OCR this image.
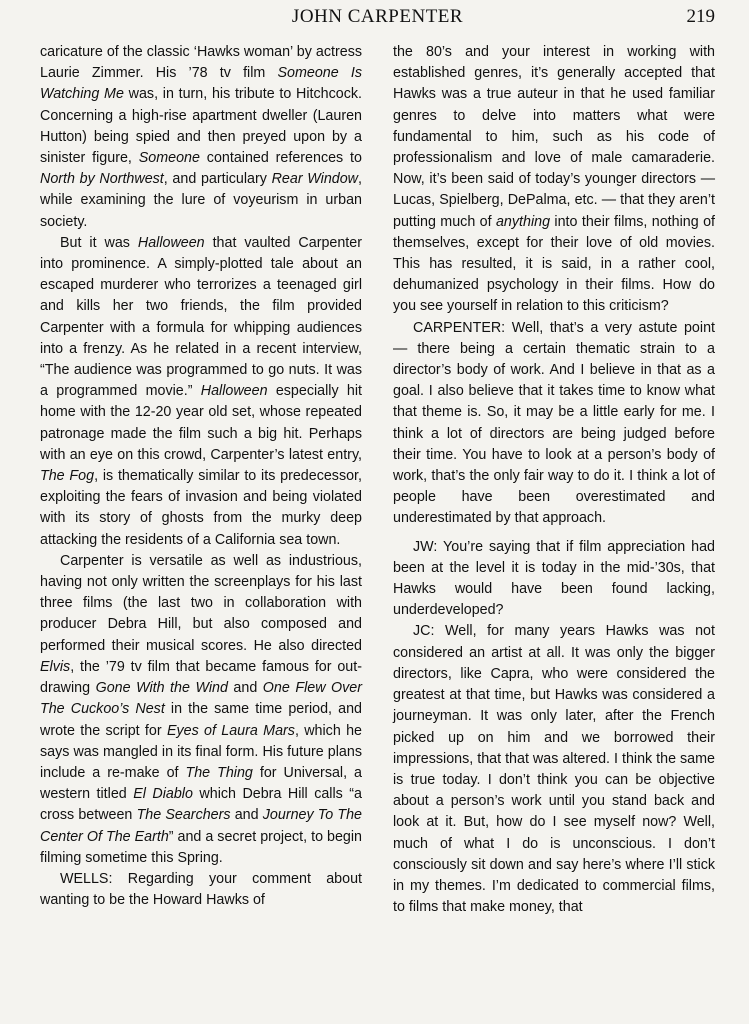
JOHN CARPENTER	219

caricature of the classic ‘Hawks woman’ by actress Laurie Zimmer. His ’78 tv film Someone Is Watching Me was, in turn, his tribute to Hitchcock. Concerning a high-rise apartment dweller (Lauren Hutton) being spied and then preyed upon by a sinister figure, Someone contained references to North by Northwest, and particulary Rear Window, while examining the lure of voyeurism in urban society.

But it was Halloween that vaulted Carpenter into prominence. A simply-plotted tale about an escaped murderer who terrorizes a teenaged girl and kills her two friends, the film provided Carpenter with a formula for whipping audiences into a frenzy. As he related in a recent interview, “The audience was programmed to go nuts. It was a programmed movie.” Halloween especially hit home with the 12-20 year old set, whose repeated patronage made the film such a big hit. Perhaps with an eye on this crowd, Carpenter’s latest entry, The Fog, is thematically similar to its predecessor, exploiting the fears of invasion and being violated with its story of ghosts from the murky deep attacking the residents of a California sea town.

Carpenter is versatile as well as industrious, having not only written the screenplays for his last three films (the last two in collaboration with producer Debra Hill, but also composed and performed their musical scores. He also directed Elvis, the ’79 tv film that became famous for out-drawing Gone With the Wind and One Flew Over The Cuckoo’s Nest in the same time period, and wrote the script for Eyes of Laura Mars, which he says was mangled in its final form. His future plans include a re-make of The Thing for Universal, a western titled El Diablo which Debra Hill calls “a cross between The Searchers and Journey To The Center Of The Earth” and a secret project, to begin filming sometime this Spring.

WELLS: Regarding your comment about wanting to be the Howard Hawks of

the 80’s and your interest in working with established genres, it’s generally accepted that Hawks was a true auteur in that he used familiar genres to delve into matters what were fundamental to him, such as his code of professionalism and love of male camaraderie. Now, it’s been said of today’s younger directors — Lucas, Spielberg, DePalma, etc. — that they aren’t putting much of anything into their films, nothing of themselves, except for their love of old movies. This has resulted, it is said, in a rather cool, dehumanized psychology in their films. How do you see yourself in relation to this criticism?

CARPENTER: Well, that’s a very astute point — there being a certain thematic strain to a director’s body of work. And I believe in that as a goal. I also believe that it takes time to know what that theme is. So, it may be a little early for me. I think a lot of directors are being judged before their time. You have to look at a person’s body of work, that’s the only fair way to do it. I think a lot of people have been overestimated and underestimated by that approach.

JW: You’re saying that if film appreciation had been at the level it is today in the mid-’30s, that Hawks would have been found lacking, underdeveloped?

JC: Well, for many years Hawks was not considered an artist at all. It was only the bigger directors, like Capra, who were considered the greatest at that time, but Hawks was considered a journeyman. It was only later, after the French picked up on him and we borrowed their impressions, that that was altered. I think the same is true today. I don’t think you can be objective about a person’s work until you stand back and look at it. But, how do I see myself now? Well, much of what I do is unconscious. I don’t consciously sit down and say here’s where I’ll stick in my themes. I’m dedicated to commercial films, to films that make money, that
